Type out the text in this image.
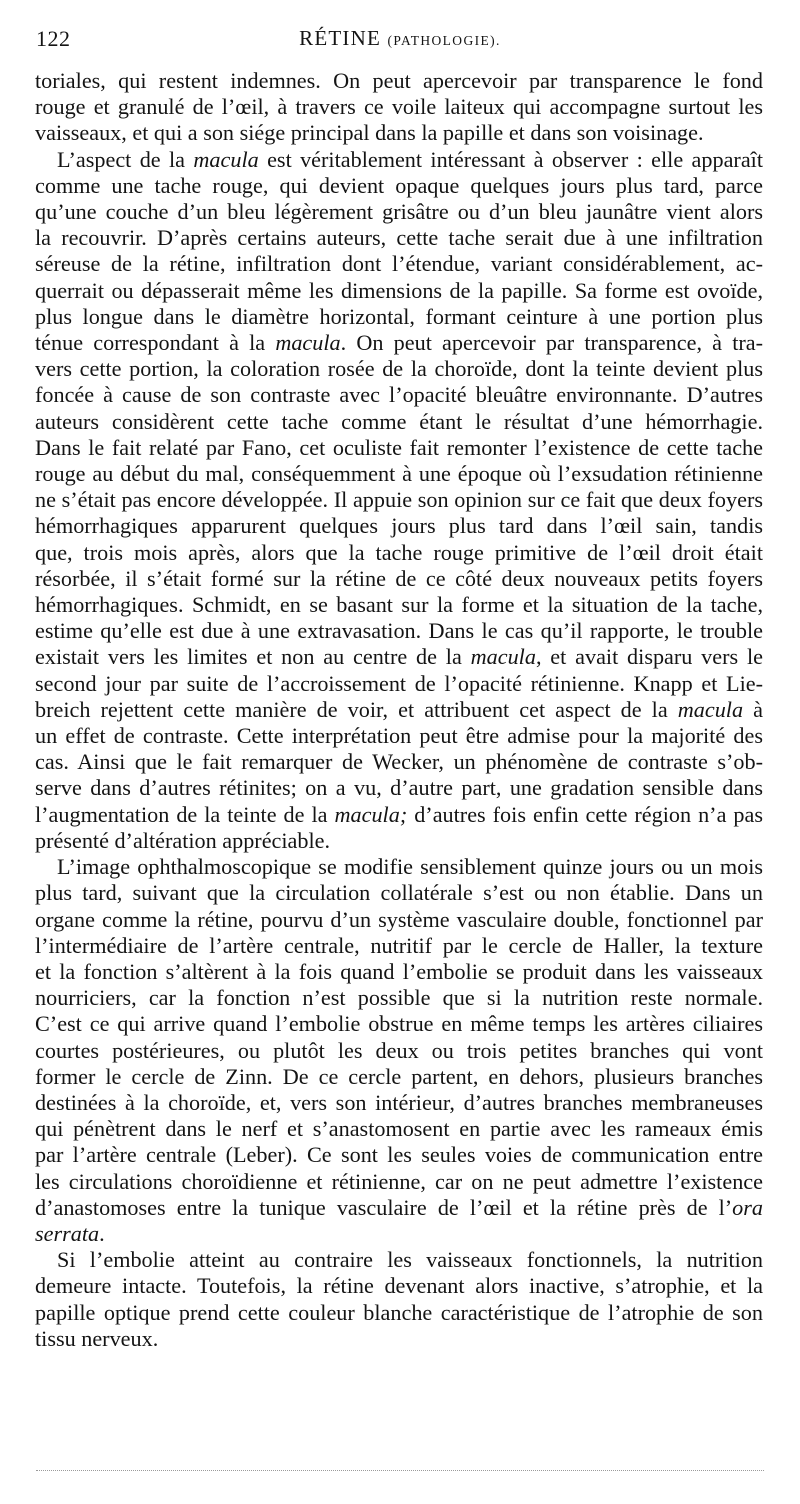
122	RÉTINE (PATHOLOGIE).

toriales, qui restent indemnes. On peut apercevoir par transparence le fond
rouge et granulé de l’œil, à travers ce voile laiteux qui accompagne surtout les
vaisseaux, et qui a son siége principal dans la papille et dans son voisinage.

L’aspect de la macula est véritablement intéressant à observer : elle apparaît
comme une tache rouge, qui devient opaque quelques jours plus tard, parce
qu’une couche d’un bleu légèrement grisâtre ou d’un bleu jaunâtre vient alors
la recouvrir. D’après certains auteurs, cette tache serait due à une infiltration
séreuse de la rétine, infiltration dont l’étendue, variant considérablement, ac-
querrait ou dépasserait même les dimensions de la papille. Sa forme est ovoïde,
plus longue dans le diamètre horizontal, formant ceinture à une portion plus
ténue correspondant à la macula. On peut apercevoir par transparence, à tra-
vers cette portion, la coloration rosée de la choroïde, dont la teinte devient plus
foncée à cause de son contraste avec l’opacité bleuâtre environnante. D’autres
auteurs considèrent cette tache comme étant le résultat d’une hémorrhagie.
Dans le fait relaté par Fano, cet oculiste fait remonter l’existence de cette tache
rouge au début du mal, conséquemment à une époque où l’exsudation rétinienne
ne s’était pas encore développée. Il appuie son opinion sur ce fait que deux foyers
hémorrhagiques apparurent quelques jours plus tard dans l’œil sain, tandis
que, trois mois après, alors que la tache rouge primitive de l’œil droit était
résorbée, il s’était formé sur la rétine de ce côté deux nouveaux petits foyers
hémorrhagiques. Schmidt, en se basant sur la forme et la situation de la tache,
estime qu’elle est due à une extravasation. Dans le cas qu’il rapporte, le trouble
existait vers les limites et non au centre de la macula, et avait disparu vers le
second jour par suite de l’accroissement de l’opacité rétinienne. Knapp et Lie-
breich rejettent cette manière de voir, et attribuent cet aspect de la macula à
un effet de contraste. Cette interprétation peut être admise pour la majorité des
cas. Ainsi que le fait remarquer de Wecker, un phénomène de contraste s’ob-
serve dans d’autres rétinites; on a vu, d’autre part, une gradation sensible dans
l’augmentation de la teinte de la macula; d’autres fois enfin cette région n’a pas
présenté d’altération appréciable.

L’image ophthalmoscopique se modifie sensiblement quinze jours ou un mois
plus tard, suivant que la circulation collatérale s’est ou non établie. Dans un
organe comme la rétine, pourvu d’un système vasculaire double, fonctionnel par
l’intermédiaire de l’artère centrale, nutritif par le cercle de Haller, la texture
et la fonction s’altèrent à la fois quand l’embolie se produit dans les vaisseaux
nourriciers, car la fonction n’est possible que si la nutrition reste normale.
C’est ce qui arrive quand l’embolie obstrue en même temps les artères ciliaires
courtes postérieures, ou plutôt les deux ou trois petites branches qui vont
former le cercle de Zinn. De ce cercle partent, en dehors, plusieurs branches
destinées à la choroïde, et, vers son intérieur, d’autres branches membraneuses
qui pénètrent dans le nerf et s’anastomosent en partie avec les rameaux émis
par l’artère centrale (Leber). Ce sont les seules voies de communication entre
les circulations choroïdienne et rétinienne, car on ne peut admettre l’existence
d’anastomoses entre la tunique vasculaire de l’œil et la rétine près de l’ora
serrata.

Si l’embolie atteint au contraire les vaisseaux fonctionnels, la nutrition
demeure intacte. Toutefois, la rétine devenant alors inactive, s’atrophie, et la
papille optique prend cette couleur blanche caractéristique de l’atrophie de son
tissu nerveux.
